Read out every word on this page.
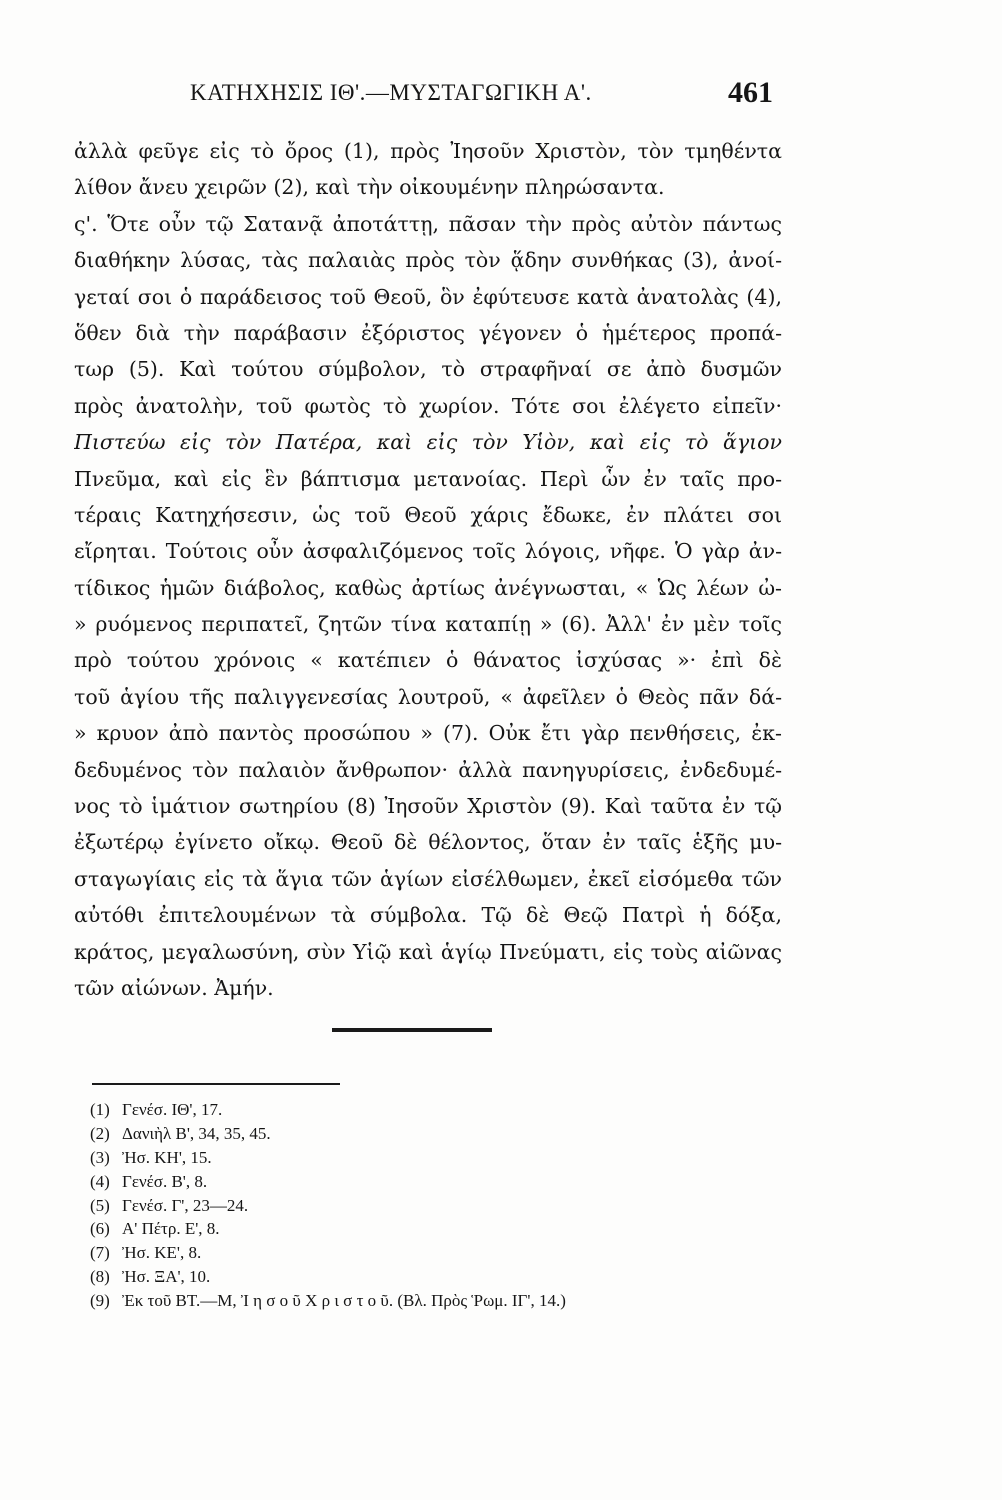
ΚΑΤΗΧΗΣΙΣ ΙΘ'.—ΜΥΣΤΑΓΩΓΙΚΗ Α'.	461
ἀλλὰ φεῦγε εἰς τὸ ὄρος (1), πρὸς Ἰησοῦν Χριστὸν, τὸν τμηθέντα
λίθον ἄνευ χειρῶν (2), καὶ τὴν οἰκουμένην πληρώσαντα.
ς'. Ὅτε οὖν τῷ Σατανᾷ ἀποτάττῃ, πᾶσαν τὴν πρὸς αὐτὸν πάντως
διαθήκην λύσας, τὰς παλαιὰς πρὸς τὸν ᾅδην συνθήκας (3), ἀνοί-
γεταί σοι ὁ παράδεισος τοῦ Θεοῦ, ὃν ἐφύτευσε κατὰ ἀνατολὰς (4),
ὅθεν διὰ τὴν παράβασιν ἐξόριστος γέγονεν ὁ ἡμέτερος προπά-
τωρ (5). Καὶ τούτου σύμβολον, τὸ στραφῆναί σε ἀπὸ δυσμῶν
πρὸς ἀνατολὴν, τοῦ φωτὸς τὸ χωρίον. Τότε σοι ἐλέγετο εἰπεῖν·
Πιστεύω εἰς τὸν Πατέρα, καὶ εἰς τὸν Υἱὸν, καὶ εἰς τὸ ἅγιον
Πνεῦμα, καὶ εἰς ἓν βάπτισμα μετανοίας. Περὶ ὧν ἐν ταῖς προ-
τέραις Κατηχήσεσιν, ὡς τοῦ Θεοῦ χάρις ἔδωκε, ἐν πλάτει σοι
εἴρηται. Τούτοις οὖν ἀσφαλιζόμενος τοῖς λόγοις, νῆφε. Ὁ γὰρ ἀν-
τίδικος ἡμῶν διάβολος, καθὼς ἀρτίως ἀνέγνωσται, « Ὡς λέων ὠ-
» ρυόμενος περιπατεῖ, ζητῶν τίνα καταπίῃ » (6). Ἀλλ' ἐν μὲν τοῖς
πρὸ τούτου χρόνοις « κατέπιεν ὁ θάνατος ἰσχύσας »· ἐπὶ δὲ
τοῦ ἁγίου τῆς παλιγγενεσίας λουτροῦ, « ἀφεῖλεν ὁ Θεὸς πᾶν δά-
» κρυον ἀπὸ παντὸς προσώπου » (7). Οὐκ ἔτι γὰρ πενθήσεις, ἐκ-
δεδυμένος τὸν παλαιὸν ἄνθρωπον· ἀλλὰ πανηγυρίσεις, ἐνδεδυμέ-
νος τὸ ἱμάτιον σωτηρίου (8) Ἰησοῦν Χριστὸν (9). Καὶ ταῦτα ἐν τῷ
ἐξωτέρῳ ἐγίνετο οἴκῳ. Θεοῦ δὲ θέλοντος, ὅταν ἐν ταῖς ἑξῆς μυ-
σταγωγίαις εἰς τὰ ἅγια τῶν ἁγίων εἰσέλθωμεν, ἐκεῖ εἰσόμεθα τῶν
αὐτόθι ἐπιτελουμένων τὰ σύμβολα. Τῷ δὲ Θεῷ Πατρὶ ἡ δόξα,
κράτος, μεγαλωσύνη, σὺν Υἱῷ καὶ ἁγίῳ Πνεύματι, εἰς τοὺς αἰῶνας
τῶν αἰώνων. Ἀμήν.
(1) Γενέσ. ΙΘ', 17.
(2) Δανιὴλ Β', 34, 35, 45.
(3) Ἠσ. ΚΗ', 15.
(4) Γενέσ. Β', 8.
(5) Γενέσ. Γ', 23—24.
(6) Α' Πέτρ. Ε', 8.
(7) Ἠσ. ΚΕ', 8.
(8) Ἠσ. ΞΑ', 10.
(9) Ἐκ τοῦ ΒΤ.—Μ, Ἰ η σ ο ῦ Χ ρ ι σ τ ο ῦ. (Βλ. Πρὸς Ῥωμ. ΙΓ', 14.)
